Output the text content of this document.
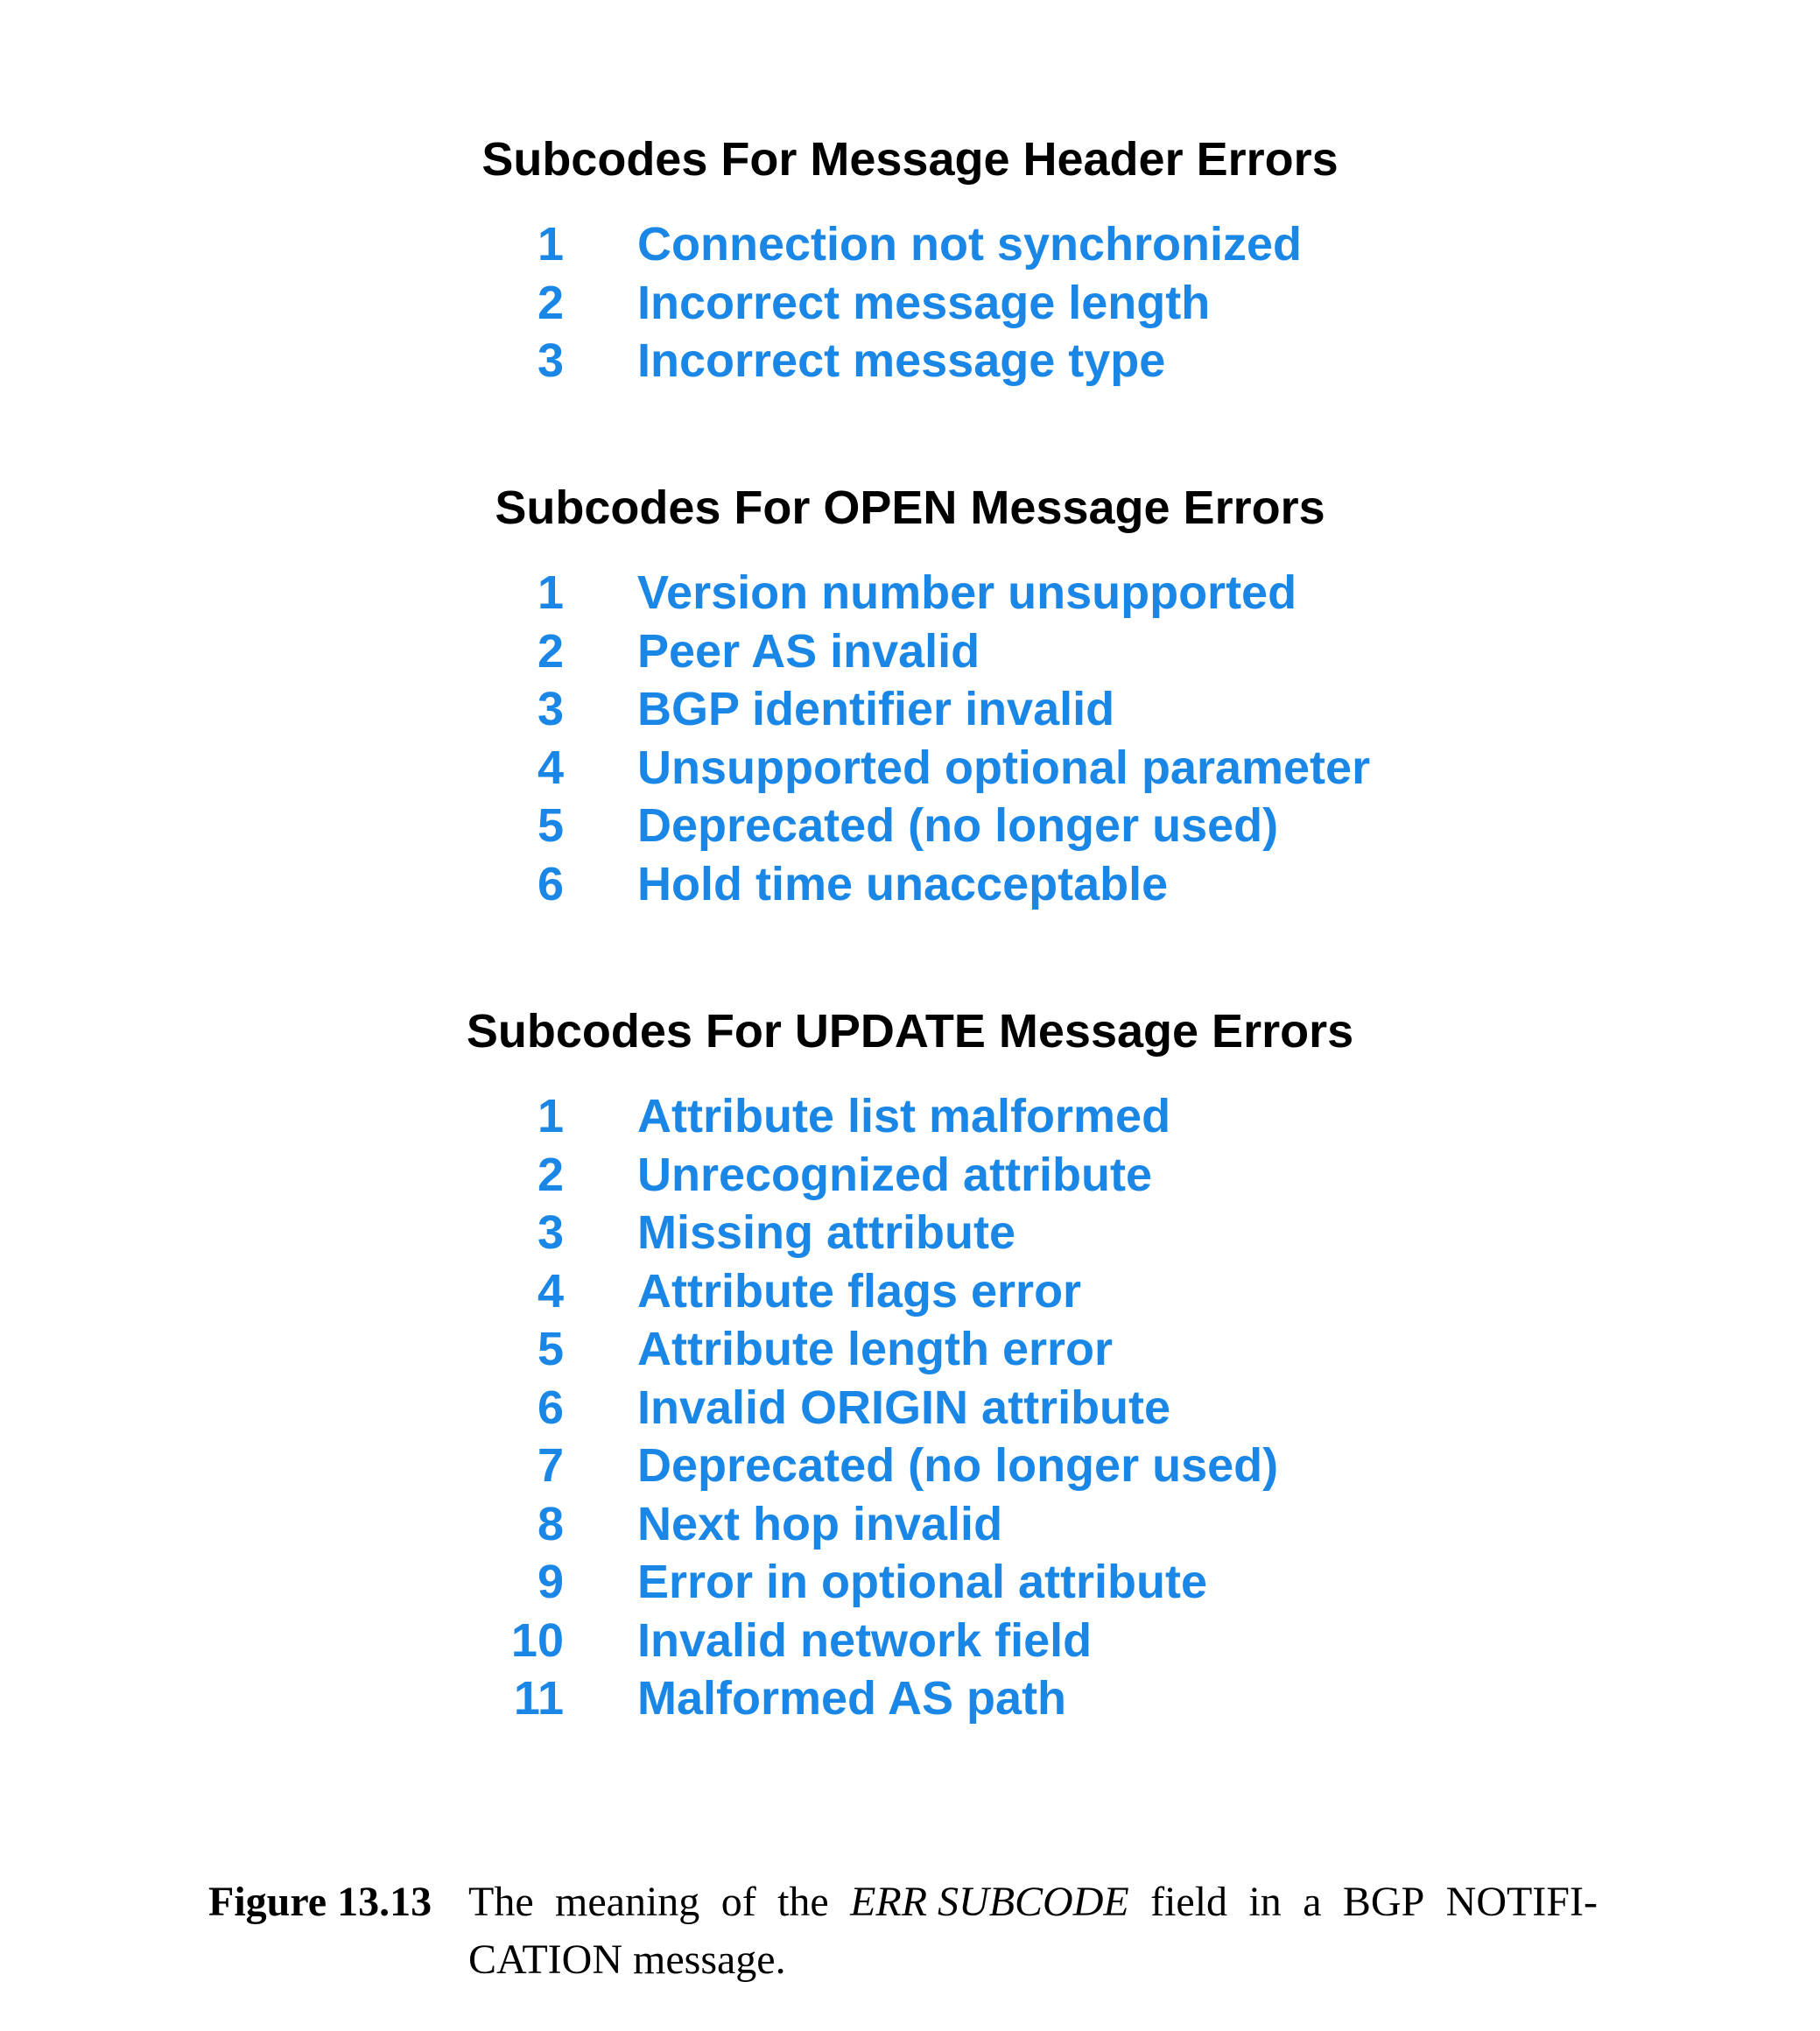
Subcodes For Message Header Errors
1 Connection not synchronized
2 Incorrect message length
3 Incorrect message type
Subcodes For OPEN Message Errors
1 Version number unsupported
2 Peer AS invalid
3 BGP identifier invalid
4 Unsupported optional parameter
5 Deprecated (no longer used)
6 Hold time unacceptable
Subcodes For UPDATE Message Errors
1 Attribute list malformed
2 Unrecognized attribute
3 Missing attribute
4 Attribute flags error
5 Attribute length error
6 Invalid ORIGIN attribute
7 Deprecated (no longer used)
8 Next hop invalid
9 Error in optional attribute
10 Invalid network field
11 Malformed AS path
Figure 13.13 The meaning of the ERR SUBCODE field in a BGP NOTIFI-
CATION message.
